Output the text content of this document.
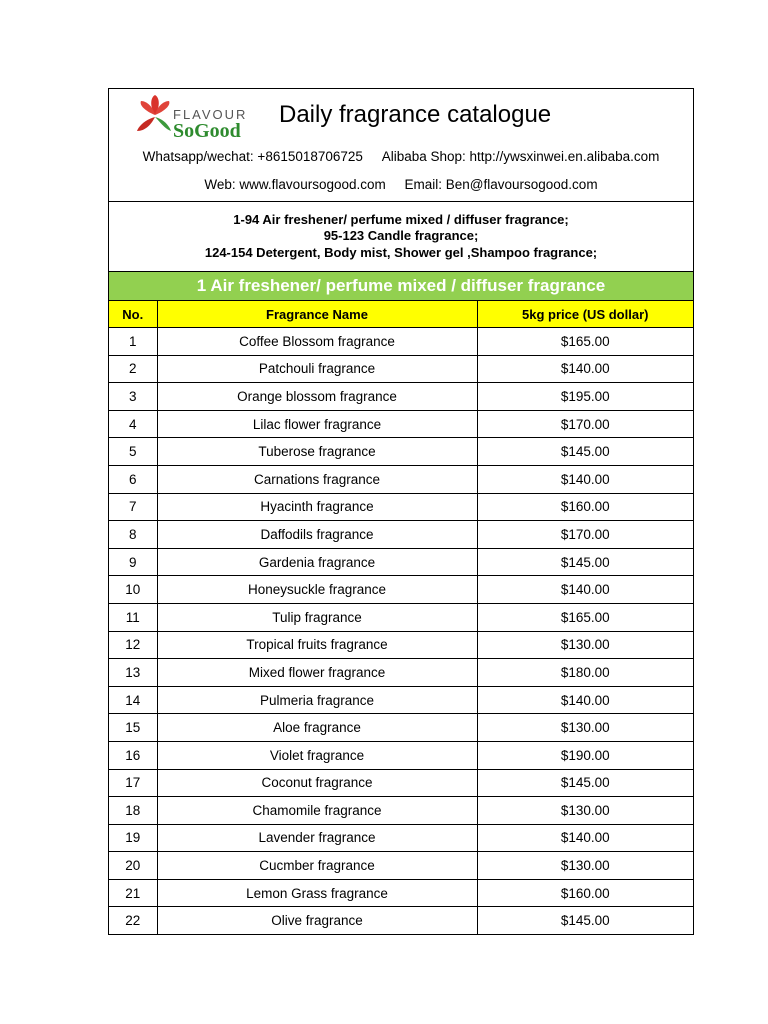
FLAVOUR
SoGood
Daily fragrance catalogue
Whatsapp/wechat: +8615018706725 Alibaba Shop: http://ywsxinwei.en.alibaba.com
Web: www.flavoursogood.com Email: Ben@flavoursogood.com
1-94 Air freshener/ perfume mixed / diffuser fragrance;
95-123 Candle fragrance;
124-154 Detergent, Body mist, Shower gel ,Shampoo fragrance;
1 Air freshener/ perfume mixed / diffuser fragrance
No.	Fragrance Name	5kg price (US dollar)
1	Coffee Blossom fragrance	$165.00
2	Patchouli fragrance	$140.00
3	Orange blossom fragrance	$195.00
4	Lilac flower fragrance	$170.00
5	Tuberose fragrance	$145.00
6	Carnations fragrance	$140.00
7	Hyacinth fragrance	$160.00
8	Daffodils fragrance	$170.00
9	Gardenia fragrance	$145.00
10	Honeysuckle fragrance	$140.00
11	Tulip fragrance	$165.00
12	Tropical fruits fragrance	$130.00
13	Mixed flower fragrance	$180.00
14	Pulmeria fragrance	$140.00
15	Aloe fragrance	$130.00
16	Violet fragrance	$190.00
17	Coconut fragrance	$145.00
18	Chamomile fragrance	$130.00
19	Lavender fragrance	$140.00
20	Cucmber fragrance	$130.00
21	Lemon Grass fragrance	$160.00
22	Olive fragrance	$145.00
